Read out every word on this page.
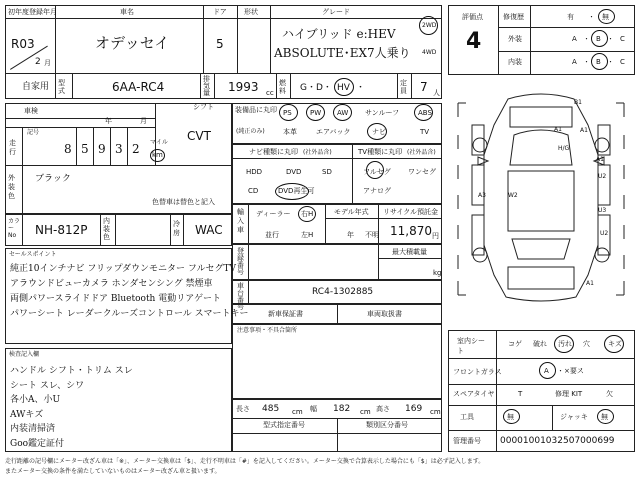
初年度登録年月
R03
2 月
車名
オデッセイ
ドア
5
形状	グレード
ハイブリッド e:HEV
ABSOLUTE･EX7人乗り
2WD
4WD
自家用 型式	6AA-RC4
排気量 1993 cc
燃料	G・D・ HV ・	定員 7 人
車検
年	月
記号
走行	8 5 9 3 2 マイル
km
シフト
CVT
外装色
ブラック
色替車は替色と記入
カラーNo	NH-812P
内装色
冷房 WAC
装備品に丸印
(純正のみ)
PS	PW AW サンルーフ	ABS
本革	エアバック	ナビ	TV
ナビ種類に丸印 (社外品含)	TV種類に丸印 (社外品含)
HDD	DVD	SD
CD	DVD再生可
フルセグ ワンセグ
アナログ
輸入車
ディーラー 右H
並行	左H
モデル年式
年 不明
リサイクル預託金
11,870 円
登録番号
最大積載量
kg
車台番号
RC4-1302885
新車保証書	車両取扱書
注意事項・不具合箇所
セールスポイント
純正10インチナビ フリップダウンモニター フルセグTV
アラウンドビューカメラ ホンダセンシング 禁煙車
両側パワースライドドア Bluetooth 電動リアゲート
パワーシート レーダークルーズコントロール スマートキー
検査記入欄
ハンドル シフト・トリム スレ
シート スレ、シワ
各小A、小U
AWキズ
内装清掃済
Goo鑑定証付
長さ 485 cm 幅 182 cm 高さ 169 cm
型式指定番号	類別区分番号
評価点
4
修復歴	有 ・ 無
外装
内装
A ・ B ・ C
A ・ B ・ C
B1
A1	A1
A1
H/G
U2
W2
A3
U3
U2
A1
室内シート
コゲ 破れ 汚れ 穴	キズ
フロントガラス	A ・×要ス
スペアタイヤ	T	修理 KIT	欠
工具	無	ジャッキ 無
管理番号 00001001032507000699
走行距離の記号欄にメーター改ざん車は「※」、メーター交換車は「$」、走行不明車は「#」を記入してください。メーター交換で合算表示した場合にも「$」は必ず記入します。
またメーター交換の条件を満たしていないものはメーター改ざん車と扱います。
